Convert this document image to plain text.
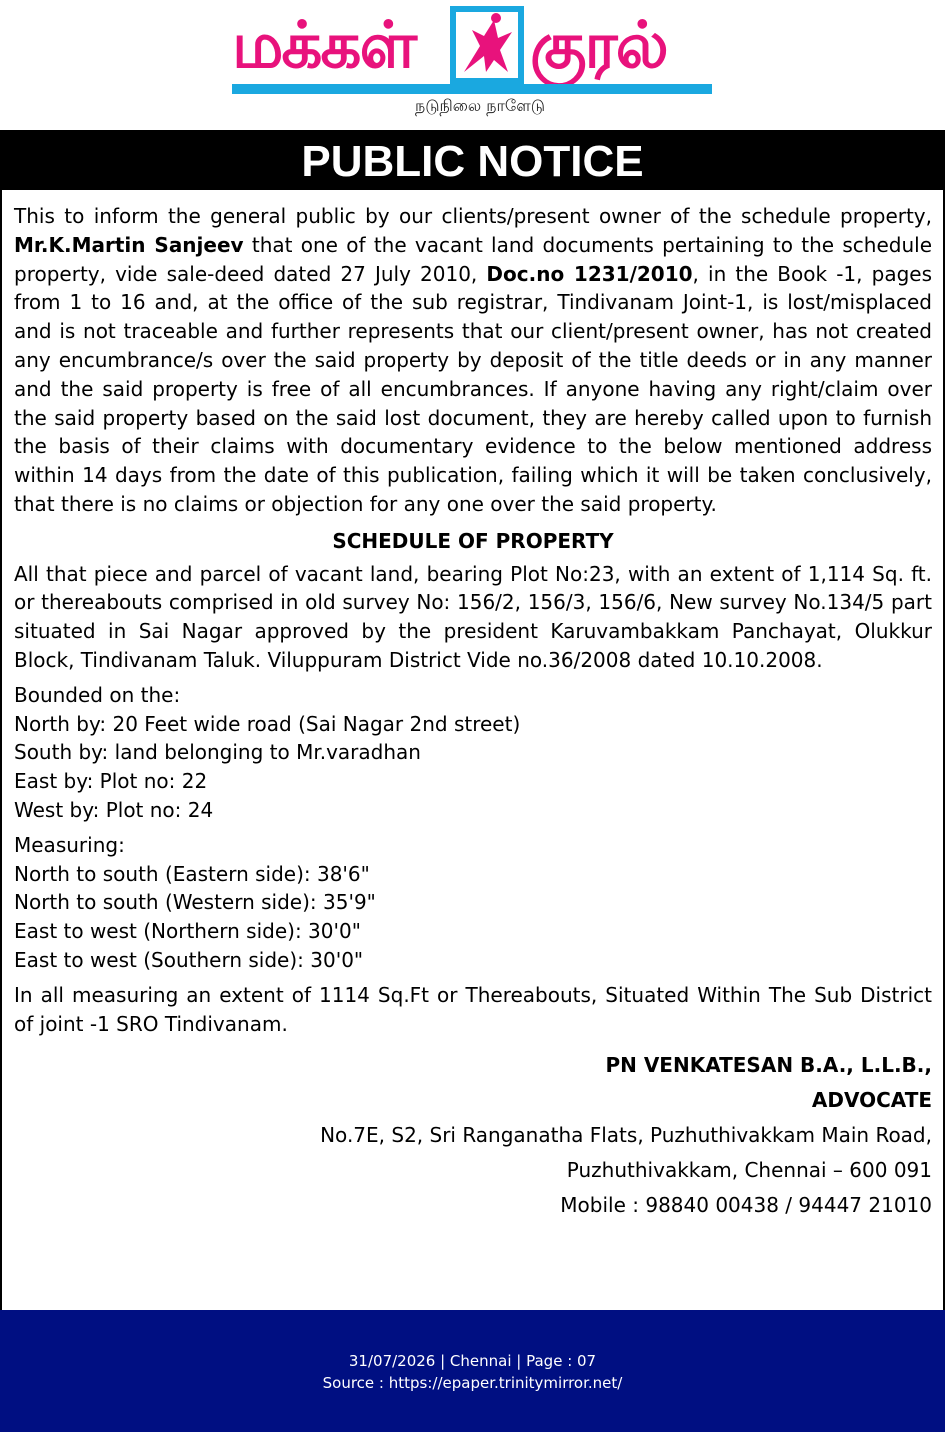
மக்கள் குரல்
நடுநிலை நாளேடு
PUBLIC NOTICE

This to inform the general public by our clients/present owner of the schedule property, Mr.K.Martin Sanjeev that one of the vacant land documents pertaining to the schedule property, vide sale-deed dated 27 July 2010, Doc.no 1231/2010, in the Book -1, pages from 1 to 16 and, at the office of the sub registrar, Tindivanam Joint-1, is lost/misplaced and is not traceable and further represents that our client/present owner, has not created any encumbrance/s over the said property by deposit of the title deeds or in any manner and the said property is free of all encumbrances. If anyone having any right/claim over the said property based on the said lost document, they are hereby called upon to furnish the basis of their claims with documentary evidence to the below mentioned address within 14 days from the date of this publication, failing which it will be taken conclusively, that there is no claims or objection for any one over the said property.

SCHEDULE OF PROPERTY

All that piece and parcel of vacant land, bearing Plot No:23, with an extent of 1,114 Sq. ft. or thereabouts comprised in old survey No: 156/2, 156/3, 156/6, New survey No.134/5 part situated in Sai Nagar approved by the president Karuvambakkam Panchayat, Olukkur Block, Tindivanam Taluk. Viluppuram District Vide no.36/2008 dated 10.10.2008.

Bounded on the:
North by: 20 Feet wide road (Sai Nagar 2nd street)
South by: land belonging to Mr.varadhan
East by: Plot no: 22
West by: Plot no: 24
Measuring:
North to south (Eastern side): 38'6"
North to south (Western side): 35'9"
East to west (Northern side): 30'0"
East to west (Southern side): 30'0"

In all measuring an extent of 1114 Sq.Ft or Thereabouts, Situated Within The Sub District of joint -1 SRO Tindivanam.

PN VENKATESAN B.A., L.L.B.,
ADVOCATE
No.7E, S2, Sri Ranganatha Flats, Puzhuthivakkam Main Road,
Puzhuthivakkam, Chennai – 600 091
Mobile : 98840 00438 / 94447 21010
31/07/2026 | Chennai | Page : 07
Source : https://epaper.trinitymirror.net/
